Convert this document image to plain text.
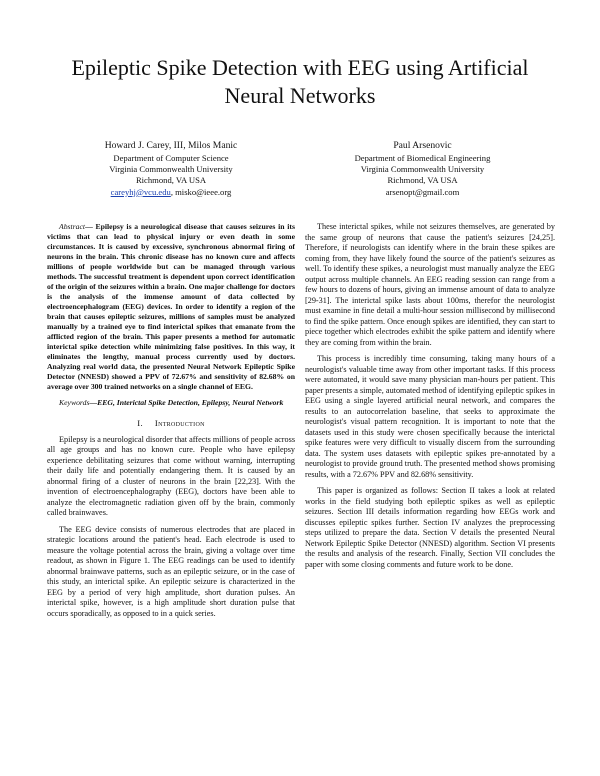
Epileptic Spike Detection with EEG using Artificial Neural Networks
Howard J. Carey, III, Milos Manic
Department of Computer Science
Virginia Commonwealth University
Richmond, VA USA
careyhj@vcu.edu, misko@ieee.org
Paul Arsenovic
Department of Biomedical Engineering
Virginia Commonwealth University
Richmond, VA USA
arsenopt@gmail.com

Abstract— Epilepsy is a neurological disease that causes seizures in its victims that can lead to physical injury or even death in some circumstances. It is caused by excessive, synchronous abnormal firing of neurons in the brain. This chronic disease has no known cure and affects millions of people worldwide but can be managed through various methods. The successful treatment is dependent upon correct identification of the origin of the seizures within a brain. One major challenge for doctors is the analysis of the immense amount of data collected by electroencephalogram (EEG) devices. In order to identify a region of the brain that causes epileptic seizures, millions of samples must be analyzed manually by a trained eye to find interictal spikes that emanate from the afflicted region of the brain. This paper presents a method for automatic interictal spike detection while minimizing false positives. In this way, it eliminates the lengthy, manual process currently used by doctors. Analyzing real world data, the presented Neural Network Epileptic Spike Detector (NNESD) showed a PPV of 72.67% and sensitivity of 82.68% on average over 300 trained networks on a single channel of EEG.

Keywords—EEG, Interictal Spike Detection, Epilepsy, Neural Network

I. Introduction

Epilepsy is a neurological disorder that affects millions of people across all age groups and has no known cure. People who have epilepsy experience debilitating seizures that come without warning, interrupting their daily life and potentially endangering them. It is caused by an abnormal firing of a cluster of neurons in the brain [22,23]. With the invention of electroencephalography (EEG), doctors have been able to analyze the electromagnetic radiation given off by the brain, commonly called brainwaves.

The EEG device consists of numerous electrodes that are placed in strategic locations around the patient's head. Each electrode is used to measure the voltage potential across the brain, giving a voltage over time readout, as shown in Figure 1. The EEG readings can be used to identify abnormal brainwave patterns, such as an epileptic seizure, or in the case of this study, an interictal spike. An epileptic seizure is characterized in the EEG by a period of very high amplitude, short duration pulses. An interictal spike, however, is a high amplitude short duration pulse that occurs sporadically, as opposed to in a quick series.

These interictal spikes, while not seizures themselves, are generated by the same group of neurons that cause the patient's seizures [24,25]. Therefore, if neurologists can identify where in the brain these spikes are coming from, they have likely found the source of the patient's seizures as well. To identify these spikes, a neurologist must manually analyze the EEG output across multiple channels. An EEG reading session can range from a few hours to dozens of hours, giving an immense amount of data to analyze [29-31]. The interictal spike lasts about 100ms, therefor the neurologist must examine in fine detail a multi-hour session millisecond by millisecond to find the spike pattern. Once enough spikes are identified, they can start to piece together which electrodes exhibit the spike pattern and identify where they are coming from within the brain.

This process is incredibly time consuming, taking many hours of a neurologist's valuable time away from other important tasks. If this process were automated, it would save many physician man-hours per patient. This paper presents a simple, automated method of identifying epileptic spikes in EEG using a single layered artificial neural network, and compares the results to an autocorrelation baseline, that seeks to approximate the neurologist's visual pattern recognition. It is important to note that the datasets used in this study were chosen specifically because the interictal spike features were very difficult to visually discern from the surrounding data. The system uses datasets with epileptic spikes pre-annotated by a neurologist to provide ground truth. The presented method shows promising results, with a 72.67% PPV and 82.68% sensitivity.

This paper is organized as follows: Section II takes a look at related works in the field studying both epileptic spikes as well as epileptic seizures. Section III details information regarding how EEGs work and discusses epileptic spikes further. Section IV analyzes the preprocessing steps utilized to prepare the data. Section V details the presented Neural Network Epileptic Spike Detector (NNESD) algorithm. Section VI presents the results and analysis of the research. Finally, Section VII concludes the paper with some closing comments and future work to be done.
